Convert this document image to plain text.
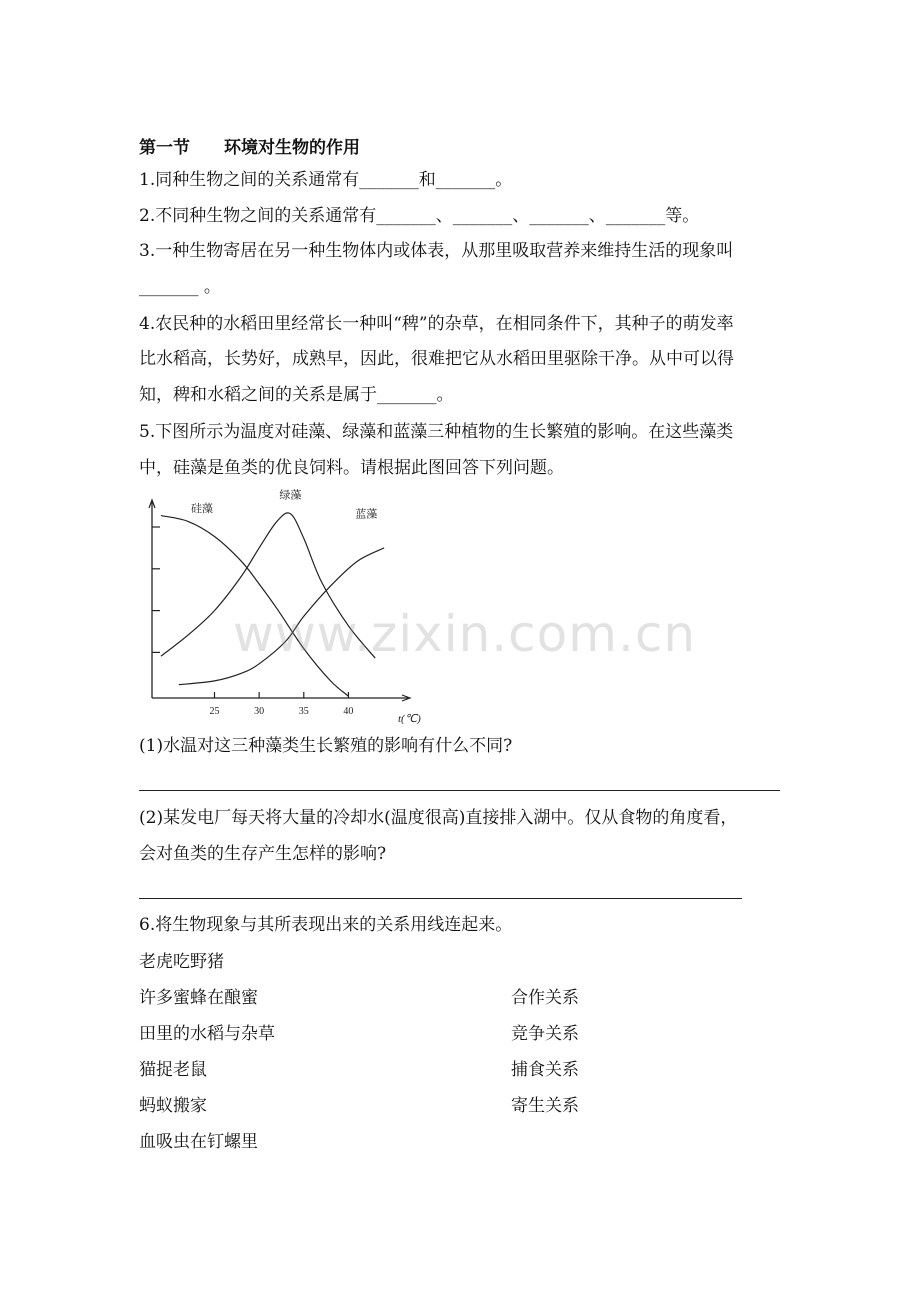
第一节　　环境对生物的作用
1.同种生物之间的关系通常有_______和_______。
2.不同种生物之间的关系通常有_______、_______、_______、_______等。
3.一种生物寄居在另一种生物体内或体表，从那里吸取营养来维持生活的现象叫
_______ 。
4.农民种的水稻田里经常长一种叫“稗”的杂草，在相同条件下，其种子的萌发率
比水稻高，长势好，成熟早，因此，很难把它从水稻田里驱除干净。从中可以得
知，稗和水稻之间的关系是属于_______。
5.下图所示为温度对硅藻、绿藻和蓝藻三种植物的生长繁殖的影响。在这些藻类
中，硅藻是鱼类的优良饲料。请根据此图回答下列问题。
25	30	35	40
t(℃)
硅藻
绿藻
蓝藻
www.zixin.com.cn
(1)水温对这三种藻类生长繁殖的影响有什么不同?
(2)某发电厂每天将大量的冷却水(温度很高)直接排入湖中。仅从食物的角度看，
会对鱼类的生存产生怎样的影响?
6.将生物现象与其所表现出来的关系用线连起来。
老虎吃野猪
许多蜜蜂在酿蜜
田里的水稻与杂草
猫捉老鼠
蚂蚁搬家
血吸虫在钉螺里
合作关系
竞争关系
捕食关系
寄生关系
